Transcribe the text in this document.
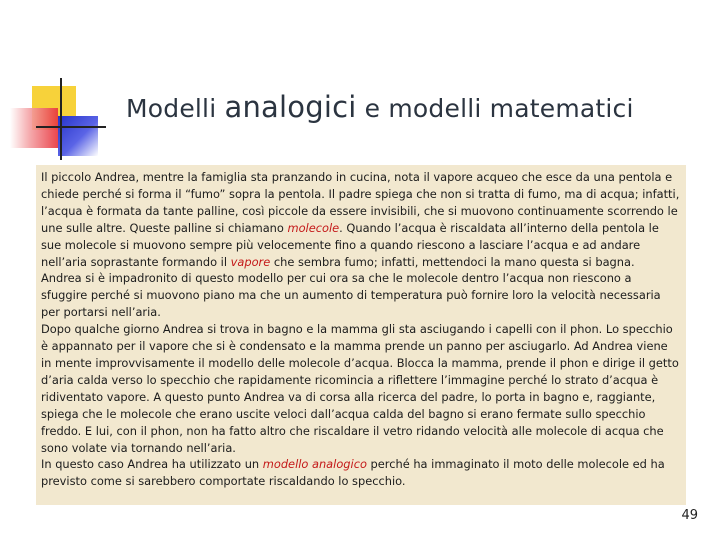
Modelli analogici e modelli matematici

Il piccolo Andrea, mentre la famiglia sta pranzando in cucina, nota il vapore acqueo che esce da una pentola e chiede perché si forma il “fumo” sopra la pentola. Il padre spiega che non si tratta di fumo, ma di acqua; infatti, l’acqua è formata da tante palline, così piccole da essere invisibili, che si muovono continuamente scorrendo le une sulle altre. Queste palline si chiamano molecole. Quando l’acqua è riscaldata all’interno della pentola le sue molecole si muovono sempre più velocemente fino a quando riescono a lasciare l’acqua e ad andare nell’aria soprastante formando il vapore che sembra fumo; infatti, mettendoci la mano questa si bagna.

Andrea si è impadronito di questo modello per cui ora sa che le molecole dentro l’acqua non riescono a sfuggire perché si muovono piano ma che un aumento di temperatura può fornire loro la velocità necessaria per portarsi nell’aria.

Dopo qualche giorno Andrea si trova in bagno e la mamma gli sta asciugando i capelli con il phon. Lo specchio è appannato per il vapore che si è condensato e la mamma prende un panno per asciugarlo. Ad Andrea viene in mente improvvisamente il modello delle molecole d’acqua. Blocca la mamma, prende il phon e dirige il getto d’aria calda verso lo specchio che rapidamente ricomincia a riflettere l’immagine perché lo strato d’acqua è ridiventato vapore. A questo punto Andrea va di corsa alla ricerca del padre, lo porta in bagno e, raggiante, spiega che le molecole che erano uscite veloci dall’acqua calda del bagno si erano fermate sullo specchio freddo. E lui, con il phon, non ha fatto altro che riscaldare il vetro ridando velocità alle molecole di acqua che sono volate via tornando nell’aria.

In questo caso Andrea ha utilizzato un modello analogico perché ha immaginato il moto delle molecole ed ha previsto come si sarebbero comportate riscaldando lo specchio.

49
